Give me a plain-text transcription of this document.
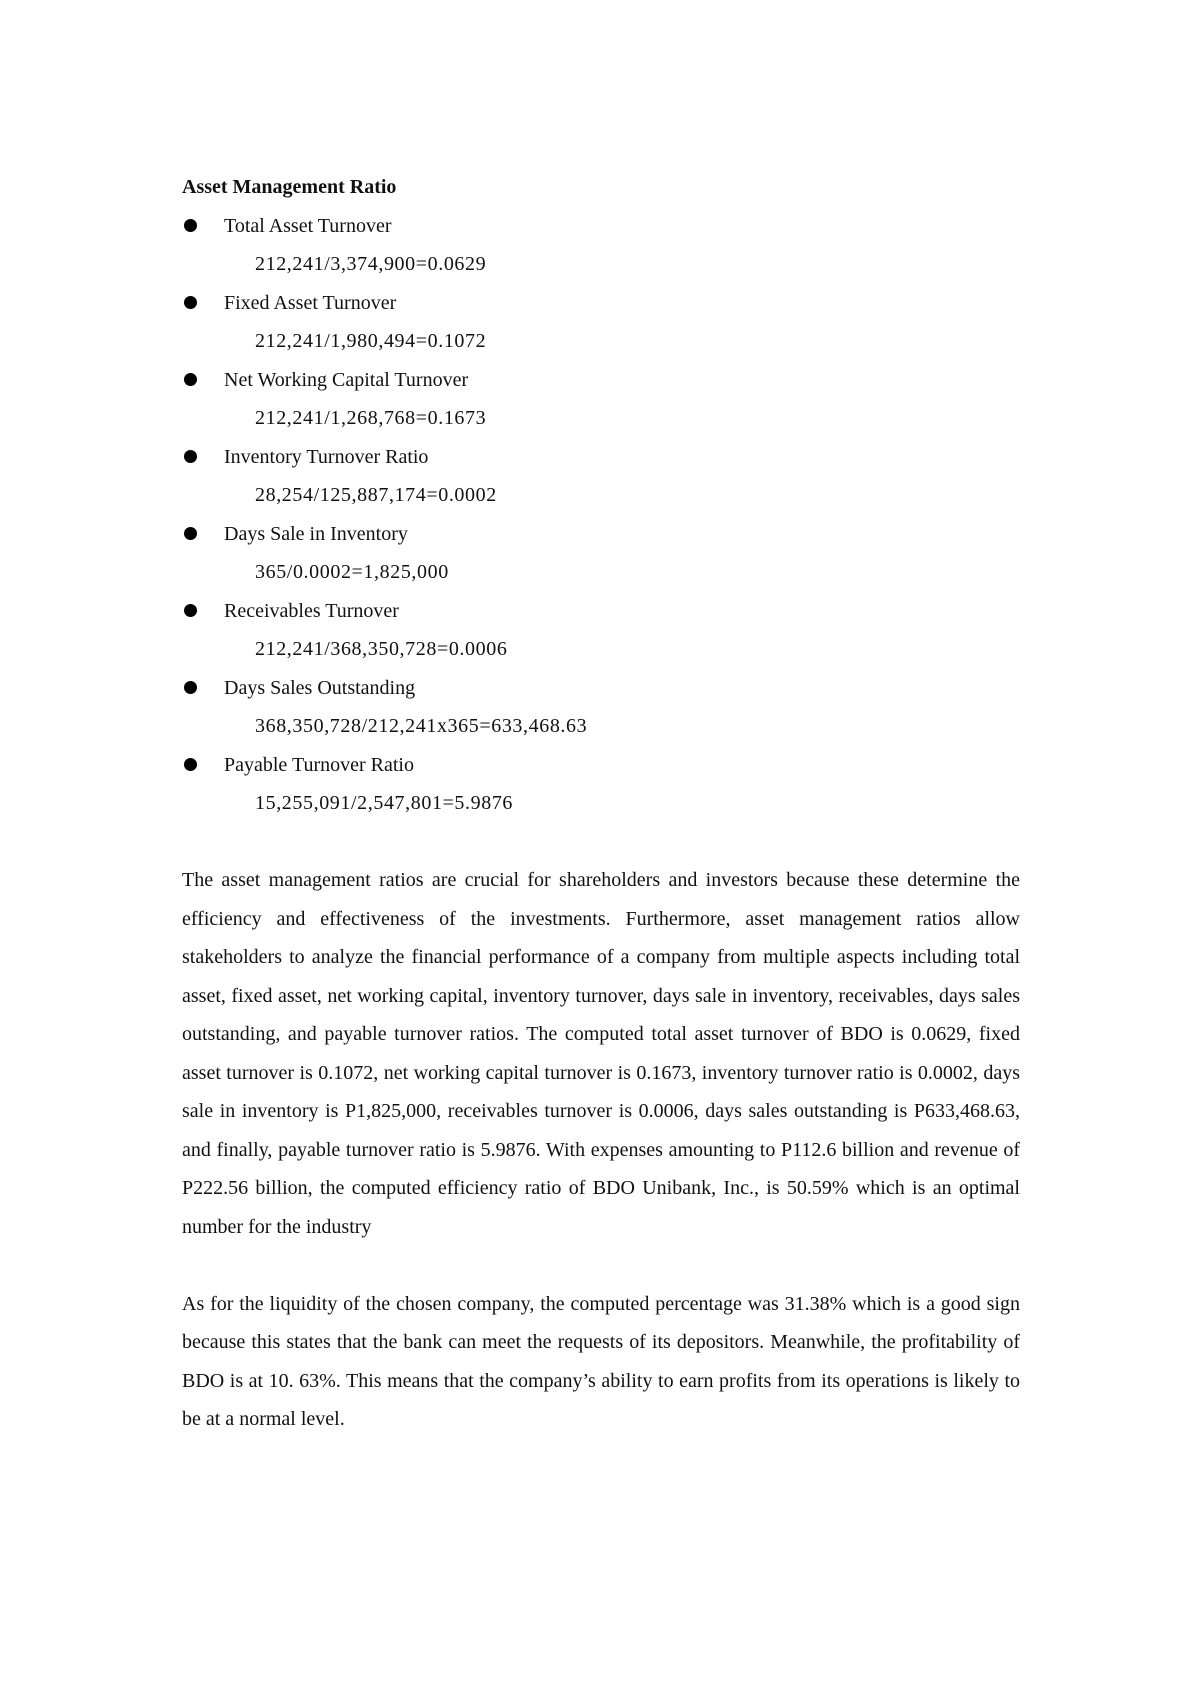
Asset Management Ratio

Total Asset Turnover
212,241/3,374,900=0.0629
Fixed Asset Turnover
212,241/1,980,494=0.1072
Net Working Capital Turnover
212,241/1,268,768=0.1673
Inventory Turnover Ratio
28,254/125,887,174=0.0002
Days Sale in Inventory
365/0.0002=1,825,000
Receivables Turnover
212,241/368,350,728=0.0006
Days Sales Outstanding
368,350,728/212,241x365=633,468.63
Payable Turnover Ratio
15,255,091/2,547,801=5.9876

The asset management ratios are crucial for shareholders and investors because these determine the efficiency and effectiveness of the investments. Furthermore, asset management ratios allow stakeholders to analyze the financial performance of a company from multiple aspects including total asset, fixed asset, net working capital, inventory turnover, days sale in inventory, receivables, days sales outstanding, and payable turnover ratios. The computed total asset turnover of BDO is 0.0629, fixed asset turnover is 0.1072, net working capital turnover is 0.1673, inventory turnover ratio is 0.0002, days sale in inventory is P1,825,000, receivables turnover is 0.0006, days sales outstanding is P633,468.63, and finally, payable turnover ratio is 5.9876. With expenses amounting to P112.6 billion and revenue of P222.56 billion, the computed efficiency ratio of BDO Unibank, Inc., is 50.59% which is an optimal number for the industry

As for the liquidity of the chosen company, the computed percentage was 31.38% which is a good sign because this states that the bank can meet the requests of its depositors. Meanwhile, the profitability of BDO is at 10. 63%. This means that the company’s ability to earn profits from its operations is likely to be at a normal level.
